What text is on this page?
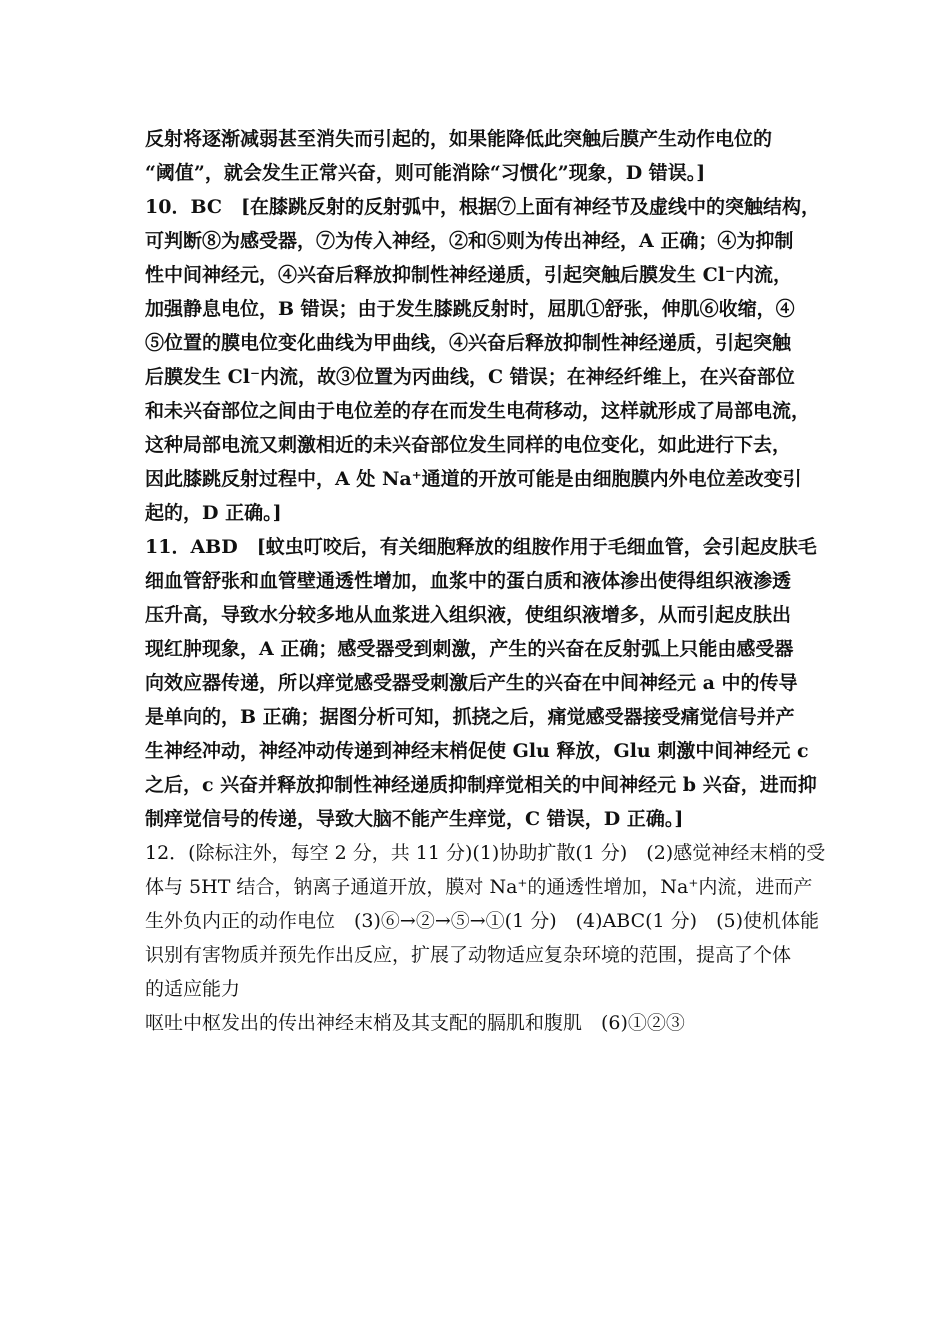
反射将逐渐减弱甚至消失而引起的，如果能降低此突触后膜产生动作电位的
“阈值”，就会发生正常兴奋，则可能消除“习惯化”现象，D 错误。]
10．BC　[在膝跳反射的反射弧中，根据⑦上面有神经节及虚线中的突触结构，
可判断⑧为感受器，⑦为传入神经，②和⑤则为传出神经，A 正确；④为抑制
性中间神经元，④兴奋后释放抑制性神经递质，引起突触后膜发生 Cl⁻内流，
加强静息电位，B 错误；由于发生膝跳反射时，屈肌①舒张，伸肌⑥收缩，④
⑤位置的膜电位变化曲线为甲曲线，④兴奋后释放抑制性神经递质，引起突触
后膜发生 Cl⁻内流，故③位置为丙曲线，C 错误；在神经纤维上，在兴奋部位
和未兴奋部位之间由于电位差的存在而发生电荷移动，这样就形成了局部电流，
这种局部电流又刺激相近的未兴奋部位发生同样的电位变化，如此进行下去，
因此膝跳反射过程中，A 处 Na⁺通道的开放可能是由细胞膜内外电位差改变引
起的，D 正确。]
11．ABD　[蚊虫叮咬后，有关细胞释放的组胺作用于毛细血管，会引起皮肤毛
细血管舒张和血管壁通透性增加，血浆中的蛋白质和液体渗出使得组织液渗透
压升高，导致水分较多地从血浆进入组织液，使组织液增多，从而引起皮肤出
现红肿现象，A 正确；感受器受到刺激，产生的兴奋在反射弧上只能由感受器
向效应器传递，所以痒觉感受器受刺激后产生的兴奋在中间神经元 a 中的传导
是单向的，B 正确；据图分析可知，抓挠之后，痛觉感受器接受痛觉信号并产
生神经冲动，神经冲动传递到神经末梢促使 Glu 释放，Glu 刺激中间神经元 c
之后，c 兴奋并释放抑制性神经递质抑制痒觉相关的中间神经元 b 兴奋，进而抑
制痒觉信号的传递，导致大脑不能产生痒觉，C 错误，D 正确。]
12．(除标注外，每空 2 分，共 11 分)(1)协助扩散(1 分)　(2)感觉神经末梢的受
体与 5HT 结合，钠离子通道开放，膜对 Na⁺的通透性增加，Na⁺内流，进而产
生外负内正的动作电位　(3)⑥→②→⑤→①(1 分)　(4)ABC(1 分)　(5)使机体能
识别有害物质并预先作出反应，扩展了动物适应复杂环境的范围，提高了个体
的适应能力
呕吐中枢发出的传出神经末梢及其支配的膈肌和腹肌　(6)①②③
